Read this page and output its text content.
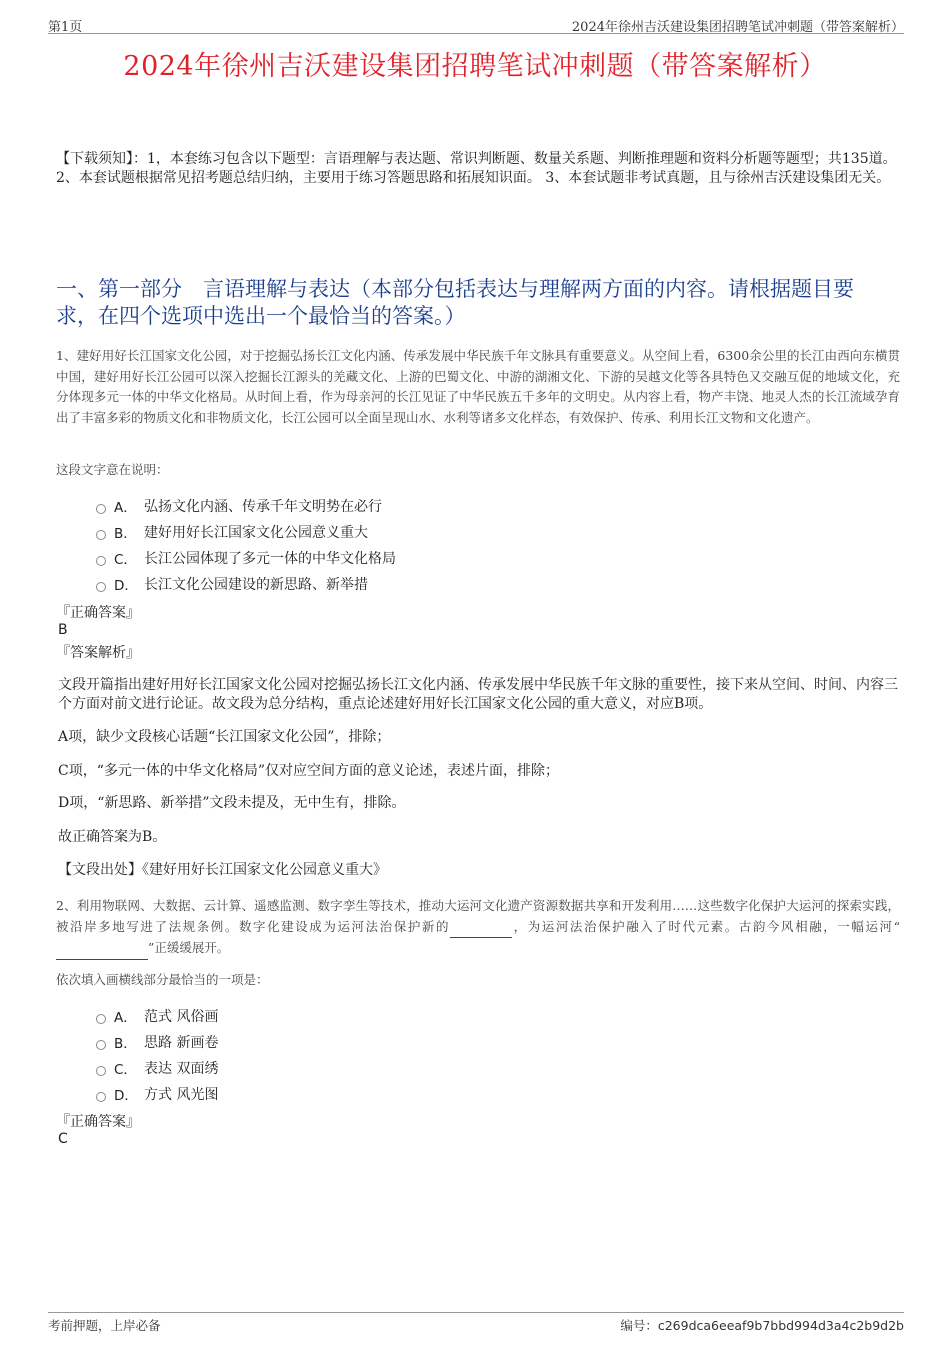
第1页	2024年徐州吉沃建设集团招聘笔试冲刺题（带答案解析）
2024年徐州吉沃建设集团招聘笔试冲刺题（带答案解析）
【下载须知】：1，本套练习包含以下题型：言语理解与表达题、常识判断题、数量关系题、判断推理题和资料分析题等题型；共135道。 2、本套试题根据常见招考题总结归纳，主要用于练习答题思路和拓展知识面。 3、本套试题非考试真题，且与徐州吉沃建设集团无关。
一、第一部分　言语理解与表达（本部分包括表达与理解两方面的内容。请根据题目要求，在四个选项中选出一个最恰当的答案。）
1、建好用好长江国家文化公园，对于挖掘弘扬长江文化内涵、传承发展中华民族千年文脉具有重要意义。从空间上看，6300余公里的长江由西向东横贯中国，建好用好长江公园可以深入挖掘长江源头的羌藏文化、上游的巴蜀文化、中游的湖湘文化、下游的吴越文化等各具特色又交融互促的地域文化，充分体现多元一体的中华文化格局。从时间上看，作为母亲河的长江见证了中华民族五千多年的文明史。从内容上看，物产丰饶、地灵人杰的长江流域孕育出了丰富多彩的物质文化和非物质文化，长江公园可以全面呈现山水、水利等诸多文化样态，有效保护、传承、利用长江文物和文化遗产。
这段文字意在说明：
A． 弘扬文化内涵、传承千年文明势在必行
B． 建好用好长江国家文化公园意义重大
C． 长江公园体现了多元一体的中华文化格局
D． 长江文化公园建设的新思路、新举措
『正确答案』
B
『答案解析』
文段开篇指出建好用好长江国家文化公园对挖掘弘扬长江文化内涵、传承发展中华民族千年文脉的重要性，接下来从空间、时间、内容三个方面对前文进行论证。故文段为总分结构，重点论述建好用好长江国家文化公园的重大意义，对应B项。
A项，缺少文段核心话题“长江国家文化公园”，排除；
C项，“多元一体的中华文化格局”仅对应空间方面的意义论述，表述片面，排除；
D项，“新思路、新举措”文段未提及，无中生有，排除。
故正确答案为B。
【文段出处】《建好用好长江国家文化公园意义重大》
2、利用物联网、大数据、云计算、遥感监测、数字孪生等技术，推动大运河文化遗产资源数据共享和开发利用……这些数字化保护大运河的探索实践，被沿岸多地写进了法规条例。数字化建设成为运河法治保护新的	，为运河法治保护融入了时代元素。古韵今风相融，一幅运河“ ”正缓缓展开。
依次填入画横线部分最恰当的一项是：
A． 范式 风俗画
B． 思路 新画卷
C． 表达 双面绣
D． 方式 风光图
『正确答案』
C
考前押题，上岸必备	编号：c269dca6eeaf9b7bbd994d3a4c2b9d2b
